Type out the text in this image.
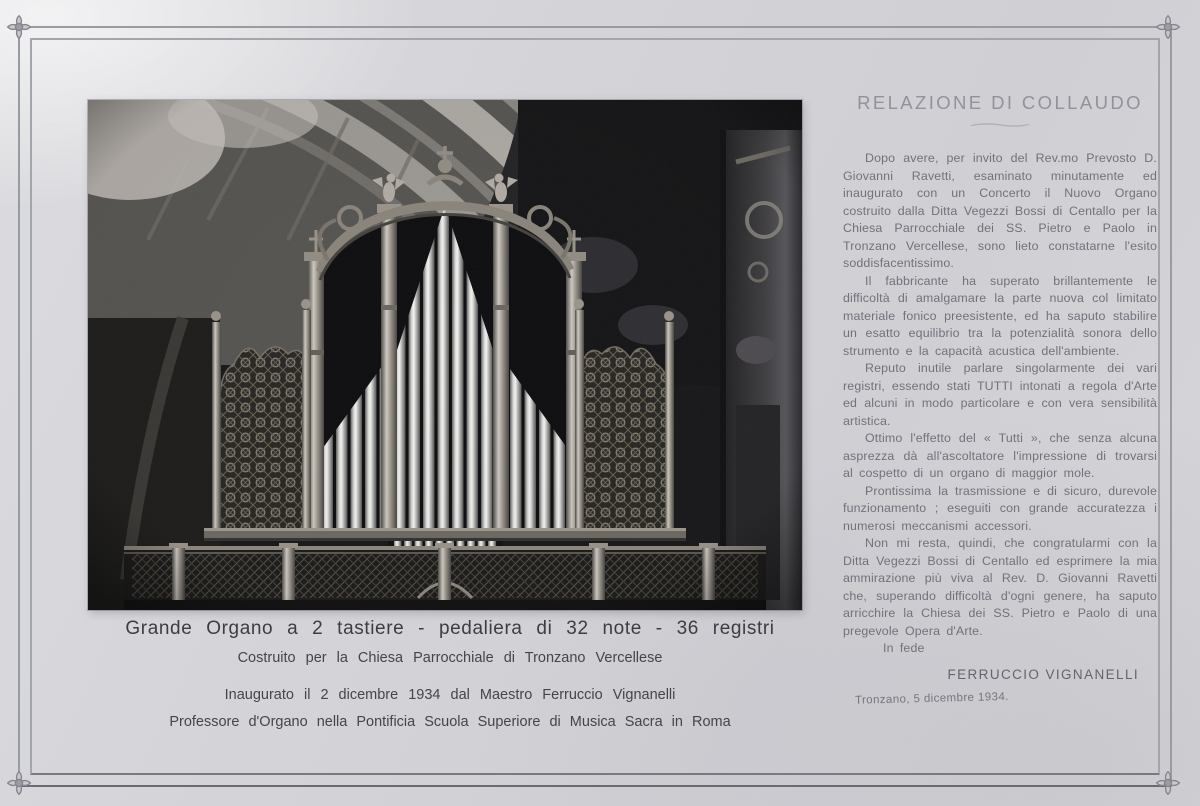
Grande Organo a 2 tastiere - pedaliera di 32 note - 36 registri
Costruito per la Chiesa Parrocchiale di Tronzano Vercellese
Inaugurato il 2 dicembre 1934 dal Maestro Ferruccio Vignanelli
Professore d'Organo nella Pontificia Scuola Superiore di Musica Sacra in Roma
RELAZIONE DI COLLAUDO

Dopo avere, per invito del Rev.mo Prevosto D. Giovanni Ravetti, esaminato minutamente ed inaugurato con un Concerto il Nuovo Organo costruito dalla Ditta Vegezzi Bossi di Centallo per la Chiesa Parrocchiale dei SS. Pietro e Paolo in Tronzano Vercellese, sono lieto constatarne l'esito soddisfacentissimo.

Il fabbricante ha superato brillantemente le difficoltà di amalgamare la parte nuova col limitato materiale fonico preesistente, ed ha saputo stabilire un esatto equilibrio tra la potenzialità sonora dello strumento e la capacità acustica dell'ambiente.

Reputo inutile parlare singolarmente dei vari registri, essendo stati TUTTI intonati a regola d'Arte ed alcuni in modo particolare e con vera sensibilità artistica.

Ottimo l'effetto del « Tutti », che senza alcuna asprezza dà all'ascoltatore l'impressione di trovarsi al cospetto di un organo di maggior mole.

Prontissima la trasmissione e di sicuro, durevole funzionamento ; eseguiti con grande accuratezza i numerosi meccanismi accessori.

Non mi resta, quindi, che congratularmi con la Ditta Vegezzi Bossi di Centallo ed esprimere la mia ammirazione più viva al Rev. D. Giovanni Ravetti che, superando difficoltà d'ogni genere, ha saputo arricchire la Chiesa dei SS. Pietro e Paolo di una pregevole Opera d'Arte.

In fede

FERRUCCIO VIGNANELLI
Tronzano, 5 dicembre 1934.
